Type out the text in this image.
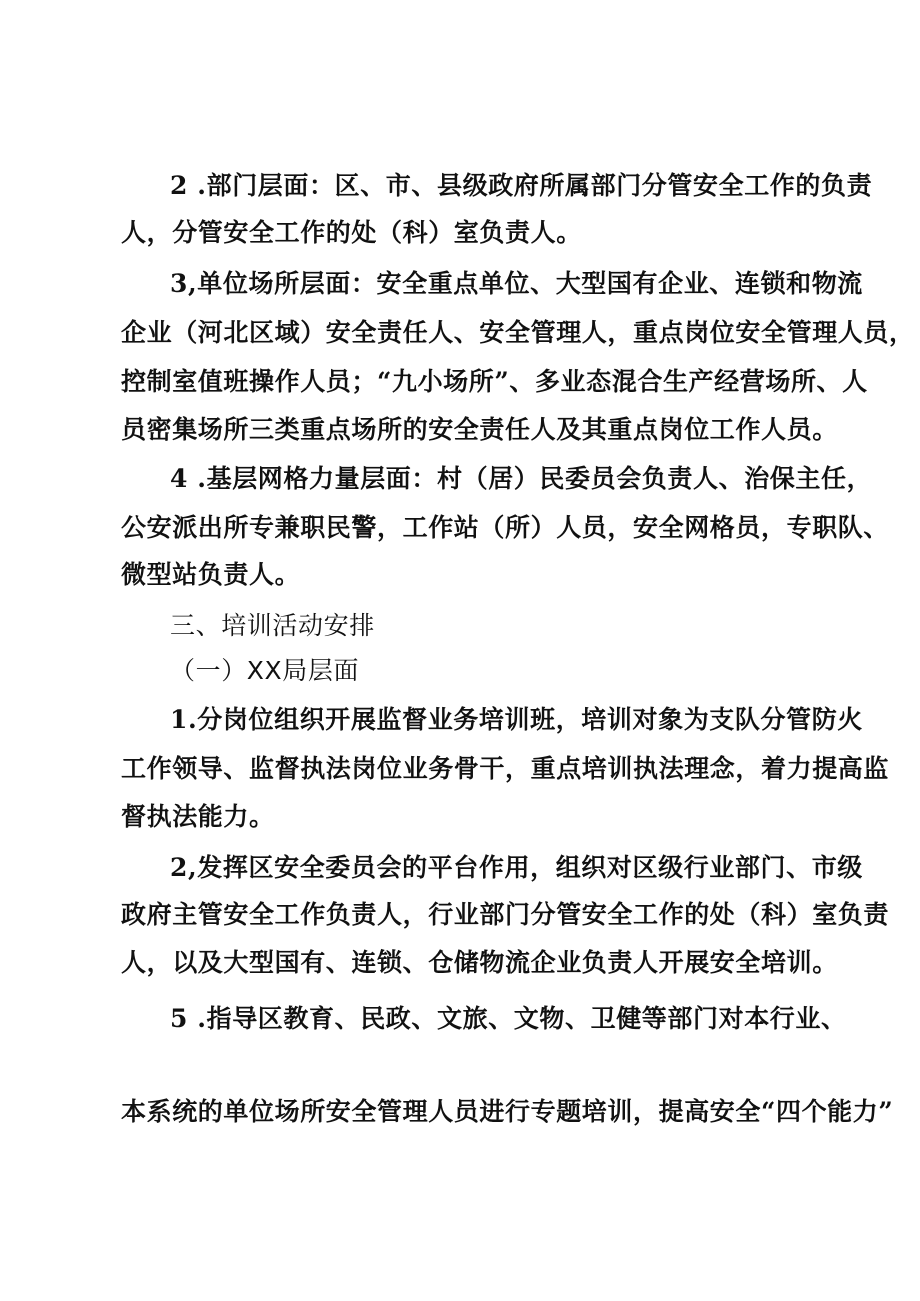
2 .部门层面：区、市、县级政府所属部门分管安全工作的负责
人，分管安全工作的处（科）室负责人。
3,单位场所层面：安全重点单位、大型国有企业、连锁和物流
企业（河北区域）安全责任人、安全管理人，重点岗位安全管理人员，
控制室值班操作人员；“九小场所”、多业态混合生产经营场所、人
员密集场所三类重点场所的安全责任人及其重点岗位工作人员。
4 .基层网格力量层面：村（居）民委员会负责人、治保主任，
公安派出所专兼职民警，工作站（所）人员，安全网格员，专职队、
微型站负责人。
三、培训活动安排
（一）XX局层面
1.分岗位组织开展监督业务培训班，培训对象为支队分管防火
工作领导、监督执法岗位业务骨干，重点培训执法理念，着力提高监
督执法能力。
2,发挥区安全委员会的平台作用，组织对区级行业部门、市级
政府主管安全工作负责人，行业部门分管安全工作的处（科）室负责
人，以及大型国有、连锁、仓储物流企业负责人开展安全培训。
5 .指导区教育、民政、文旅、文物、卫健等部门对本行业、
本系统的单位场所安全管理人员进行专题培训，提高安全“四个能力”
